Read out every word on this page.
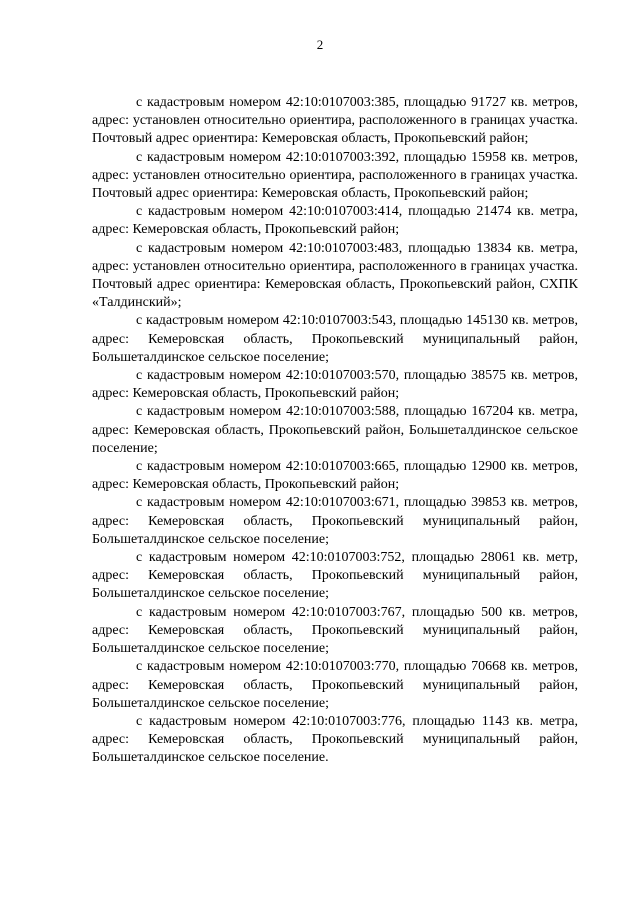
2

с кадастровым номером 42:10:0107003:385, площадью 91727 кв. метров, адрес: установлен относительно ориентира, расположенного в границах участка. Почтовый адрес ориентира: Кемеровская область, Прокопьевский район;

с кадастровым номером 42:10:0107003:392, площадью 15958 кв. метров, адрес: установлен относительно ориентира, расположенного в границах участка. Почтовый адрес ориентира: Кемеровская область, Прокопьевский район;

с кадастровым номером 42:10:0107003:414, площадью 21474 кв. метра, адрес: Кемеровская область, Прокопьевский район;

с кадастровым номером 42:10:0107003:483, площадью 13834 кв. метра, адрес: установлен относительно ориентира, расположенного в границах участка. Почтовый адрес ориентира: Кемеровская область, Прокопьевский район, СХПК «Талдинский»;

с кадастровым номером 42:10:0107003:543, площадью 145130 кв. метров, адрес: Кемеровская область, Прокопьевский муниципальный район, Большеталдинское сельское поселение;

с кадастровым номером 42:10:0107003:570, площадью 38575 кв. метров, адрес: Кемеровская область, Прокопьевский район;

с кадастровым номером 42:10:0107003:588, площадью 167204 кв. метра, адрес: Кемеровская область, Прокопьевский район, Большеталдинское сельское поселение;

с кадастровым номером 42:10:0107003:665, площадью 12900 кв. метров, адрес: Кемеровская область, Прокопьевский район;

с кадастровым номером 42:10:0107003:671, площадью 39853 кв. метров, адрес: Кемеровская область, Прокопьевский муниципальный район, Большеталдинское сельское поселение;

с кадастровым номером 42:10:0107003:752, площадью 28061 кв. метр, адрес: Кемеровская область, Прокопьевский муниципальный район, Большеталдинское сельское поселение;

с кадастровым номером 42:10:0107003:767, площадью 500 кв. метров, адрес: Кемеровская область, Прокопьевский муниципальный район, Большеталдинское сельское поселение;

с кадастровым номером 42:10:0107003:770, площадью 70668 кв. метров, адрес: Кемеровская область, Прокопьевский муниципальный район, Большеталдинское сельское поселение;

с кадастровым номером 42:10:0107003:776, площадью 1143 кв. метра, адрес: Кемеровская область, Прокопьевский муниципальный район, Большеталдинское сельское поселение.
